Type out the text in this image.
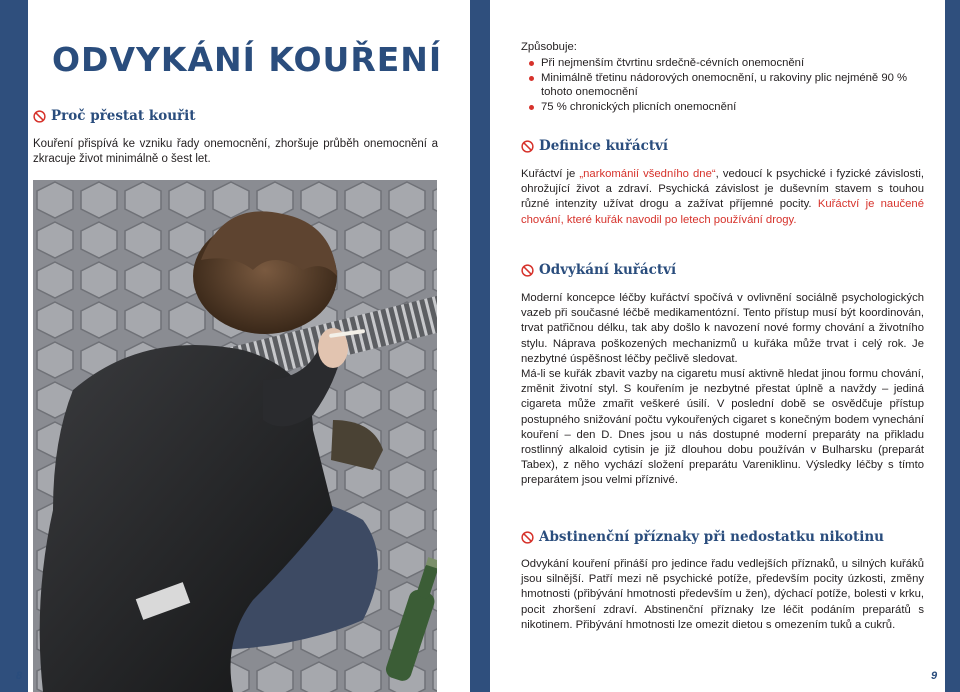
ODVYKÁNÍ KOUŘENÍ
Proč přestat kouřit

Kouření přispívá ke vzniku řady onemocnění, zhoršuje průběh onemocnění a zkracuje život minimálně o šest let.

8
Způsobuje:
Při nejmenším čtvrtinu srdečně-cévních onemocnění
Minimálně třetinu nádorových onemocnění, u rakoviny plic nejméně 90 % tohoto onemocnění
75 % chronických plicních onemocnění
Definice kuřáctví

Kuřáctví je „narkománií všedního dne“, vedoucí k psychické i fyzické závislosti, ohrožující život a zdraví. Psychická závislost je duševním stavem s touhou různé intenzity užívat drogu a zažívat příjemné pocity. Kuřáctví je naučené chování, které kuřák navodil po letech používání drogy.

Odvykání kuřáctví

Moderní koncepce léčby kuřáctví spočívá v ovlivnění sociálně psychologických vazeb při současné léčbě medikamentózní. Tento přístup musí být koordinován, trvat patřičnou délku, tak aby došlo k navození nové formy chování a životního stylu. Náprava poškozených mechanizmů u kuřáka může trvat i celý rok. Je nezbytné úspěšnost léčby pečlivě sledovat.

Má-li se kuřák zbavit vazby na cigaretu musí aktivně hledat jinou formu chování, změnit životní styl. S kouřením je nezbytné přestat úplně a navždy – jediná cigareta může zmařit veškeré úsilí. V poslední době se osvědčuje přístup postupného snižování počtu vykouřených cigaret s konečným bodem vynechání kouření – den D. Dnes jsou u nás dostupné moderní preparáty na přikladu rostlinný alkaloid cytisin je již dlouhou dobu používán v Bulharsku (preparát Tabex), z něho vychází složení preparátu Vareniklinu. Výsledky léčby s tímto preparátem jsou velmi příznivé.

Abstinenční příznaky při nedostatku nikotinu

Odvykání kouření přináší pro jedince řadu vedlejších příznaků, u silných kuřáků jsou silnější. Patří mezi ně psychické potíže, především pocity úzkosti, změny hmotnosti (přibývání hmotnosti především u žen), dýchací potíže, bolesti v krku, pocit zhoršení zdraví. Abstinenční příznaky lze léčit podáním preparátů s nikotinem. Přibývání hmotnosti lze omezit dietou s omezením tuků a cukrů.

9
